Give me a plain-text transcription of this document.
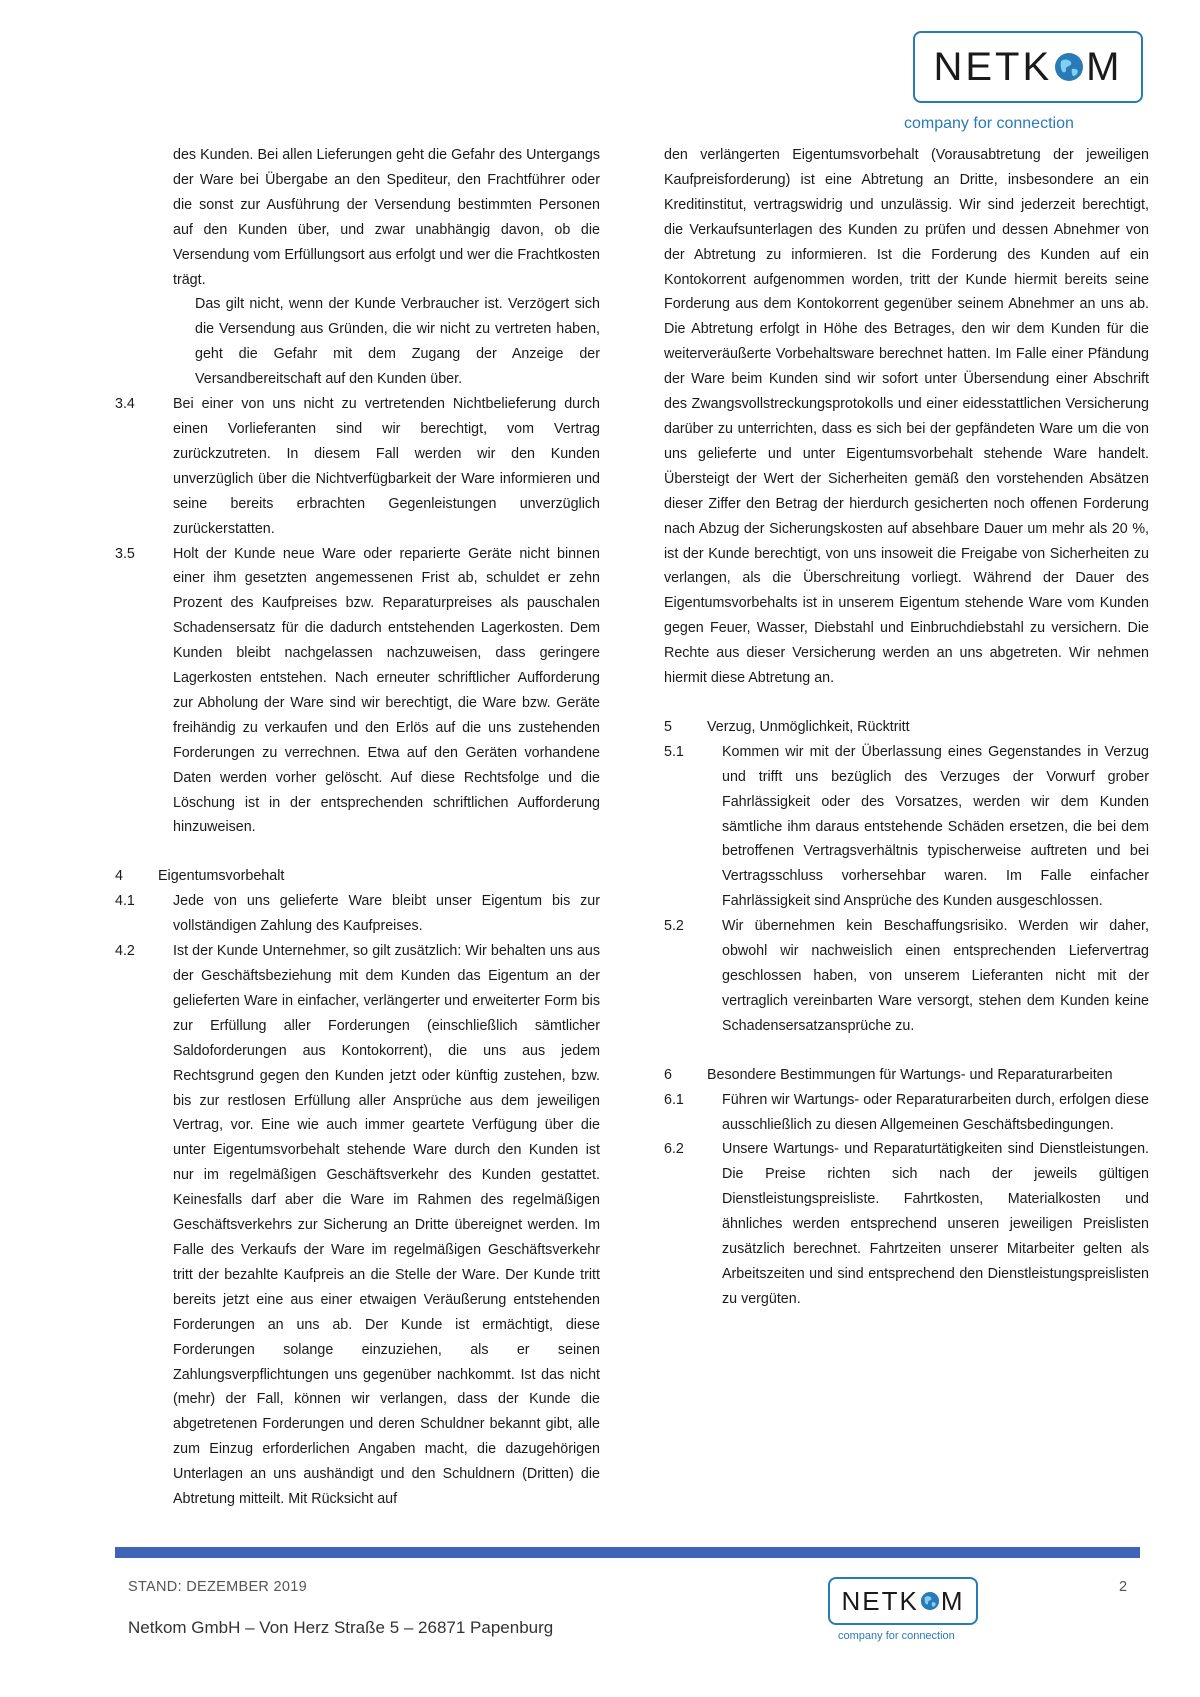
NETK M
company for connection
des Kunden. Bei allen Lieferungen geht die Gefahr des Untergangs der Ware bei Übergabe an den Spediteur, den Frachtführer oder die sonst zur Ausführung der Versendung bestimmten Personen auf den Kunden über, und zwar unabhängig davon, ob die Versendung vom Erfüllungsort aus erfolgt und wer die Frachtkosten trägt.
Das gilt nicht, wenn der Kunde Verbraucher ist. Verzögert sich die Versendung aus Gründen, die wir nicht zu vertreten haben, geht die Gefahr mit dem Zugang der Anzeige der Versandbereitschaft auf den Kunden über.
3.4	Bei einer von uns nicht zu vertretenden Nichtbelieferung durch einen Vorlieferanten sind wir berechtigt, vom Vertrag zurückzutreten. In diesem Fall werden wir den Kunden unverzüglich über die Nichtverfügbarkeit der Ware informieren und seine bereits erbrachten Gegenleistungen unverzüglich zurückerstatten.
3.5	Holt der Kunde neue Ware oder reparierte Geräte nicht binnen einer ihm gesetzten angemessenen Frist ab, schuldet er zehn Prozent des Kaufpreises bzw. Reparaturpreises als pauschalen Schadensersatz für die dadurch entstehenden Lagerkosten. Dem Kunden bleibt nachgelassen nachzuweisen, dass geringere Lagerkosten entstehen. Nach erneuter schriftlicher Aufforderung zur Abholung der Ware sind wir berechtigt, die Ware bzw. Geräte freihändig zu verkaufen und den Erlös auf die uns zustehenden Forderungen zu verrechnen. Etwa auf den Geräten vorhandene Daten werden vorher gelöscht. Auf diese Rechtsfolge und die Löschung ist in der entsprechenden schriftlichen Aufforderung hinzuweisen.
4	Eigentumsvorbehalt
4.1	Jede von uns gelieferte Ware bleibt unser Eigentum bis zur vollständigen Zahlung des Kaufpreises.
4.2	Ist der Kunde Unternehmer, so gilt zusätzlich: Wir behalten uns aus der Geschäftsbeziehung mit dem Kunden das Eigentum an der gelieferten Ware in einfacher, verlängerter und erweiterter Form bis zur Erfüllung aller Forderungen (einschließlich sämtlicher Saldoforderungen aus Kontokorrent), die uns aus jedem Rechtsgrund gegen den Kunden jetzt oder künftig zustehen, bzw. bis zur restlosen Erfüllung aller Ansprüche aus dem jeweiligen Vertrag, vor. Eine wie auch immer geartete Verfügung über die unter Eigentumsvorbehalt stehende Ware durch den Kunden ist nur im regelmäßigen Geschäftsverkehr des Kunden gestattet. Keinesfalls darf aber die Ware im Rahmen des regelmäßigen Geschäftsverkehrs zur Sicherung an Dritte übereignet werden. Im Falle des Verkaufs der Ware im regelmäßigen Geschäftsverkehr tritt der bezahlte Kaufpreis an die Stelle der Ware. Der Kunde tritt bereits jetzt eine aus einer etwaigen Veräußerung entstehenden Forderungen an uns ab. Der Kunde ist ermächtigt, diese Forderungen solange einzuziehen, als er seinen Zahlungsverpflichtungen uns gegenüber nachkommt. Ist das nicht (mehr) der Fall, können wir verlangen, dass der Kunde die abgetretenen Forderungen und deren Schuldner bekannt gibt, alle zum Einzug erforderlichen Angaben macht, die dazugehörigen Unterlagen an uns aushändigt und den Schuldnern (Dritten) die Abtretung mitteilt. Mit Rücksicht auf
den verlängerten Eigentumsvorbehalt (Vorausabtretung der jeweiligen Kaufpreisforderung) ist eine Abtretung an Dritte, insbesondere an ein Kreditinstitut, vertragswidrig und unzulässig. Wir sind jederzeit berechtigt, die Verkaufsunterlagen des Kunden zu prüfen und dessen Abnehmer von der Abtretung zu informieren. Ist die Forderung des Kunden auf ein Kontokorrent aufgenommen worden, tritt der Kunde hiermit bereits seine Forderung aus dem Kontokorrent gegenüber seinem Abnehmer an uns ab. Die Abtretung erfolgt in Höhe des Betrages, den wir dem Kunden für die weiterveräußerte Vorbehaltsware berechnet hatten. Im Falle einer Pfändung der Ware beim Kunden sind wir sofort unter Übersendung einer Abschrift des Zwangsvollstreckungsprotokolls und einer eidesstattlichen Versicherung darüber zu unterrichten, dass es sich bei der gepfändeten Ware um die von uns gelieferte und unter Eigentumsvorbehalt stehende Ware handelt. Übersteigt der Wert der Sicherheiten gemäß den vorstehenden Absätzen dieser Ziffer den Betrag der hierdurch gesicherten noch offenen Forderung nach Abzug der Sicherungskosten auf absehbare Dauer um mehr als 20 %, ist der Kunde berechtigt, von uns insoweit die Freigabe von Sicherheiten zu verlangen, als die Überschreitung vorliegt. Während der Dauer des Eigentumsvorbehalts ist in unserem Eigentum stehende Ware vom Kunden gegen Feuer, Wasser, Diebstahl und Einbruchdiebstahl zu versichern. Die Rechte aus dieser Versicherung werden an uns abgetreten. Wir nehmen hiermit diese Abtretung an.
5	Verzug, Unmöglichkeit, Rücktritt
5.1	Kommen wir mit der Überlassung eines Gegenstandes in Verzug und trifft uns bezüglich des Verzuges der Vorwurf grober Fahrlässigkeit oder des Vorsatzes, werden wir dem Kunden sämtliche ihm daraus entstehende Schäden ersetzen, die bei dem betroffenen Vertragsverhältnis typischerweise auftreten und bei Vertragsschluss vorhersehbar waren. Im Falle einfacher Fahrlässigkeit sind Ansprüche des Kunden ausgeschlossen.
5.2	Wir übernehmen kein Beschaffungsrisiko. Werden wir daher, obwohl wir nachweislich einen entsprechenden Liefervertrag geschlossen haben, von unserem Lieferanten nicht mit der vertraglich vereinbarten Ware versorgt, stehen dem Kunden keine Schadensersatzansprüche zu.
6	Besondere Bestimmungen für Wartungs- und Reparaturarbeiten
6.1	Führen wir Wartungs- oder Reparaturarbeiten durch, erfolgen diese ausschließlich zu diesen Allgemeinen Geschäftsbedingungen.
6.2	Unsere Wartungs- und Reparaturtätigkeiten sind Dienstleistungen. Die Preise richten sich nach der jeweils gültigen Dienstleistungspreisliste. Fahrtkosten, Materialkosten und ähnliches werden entsprechend unseren jeweiligen Preislisten zusätzlich berechnet. Fahrtzeiten unserer Mitarbeiter gelten als Arbeitszeiten und sind entsprechend den Dienstleistungspreislisten zu vergüten.
STAND: DEZEMBER 2019
Netkom GmbH – Von Herz Straße 5 – 26871 Papenburg
2
NETK M
company for connection
